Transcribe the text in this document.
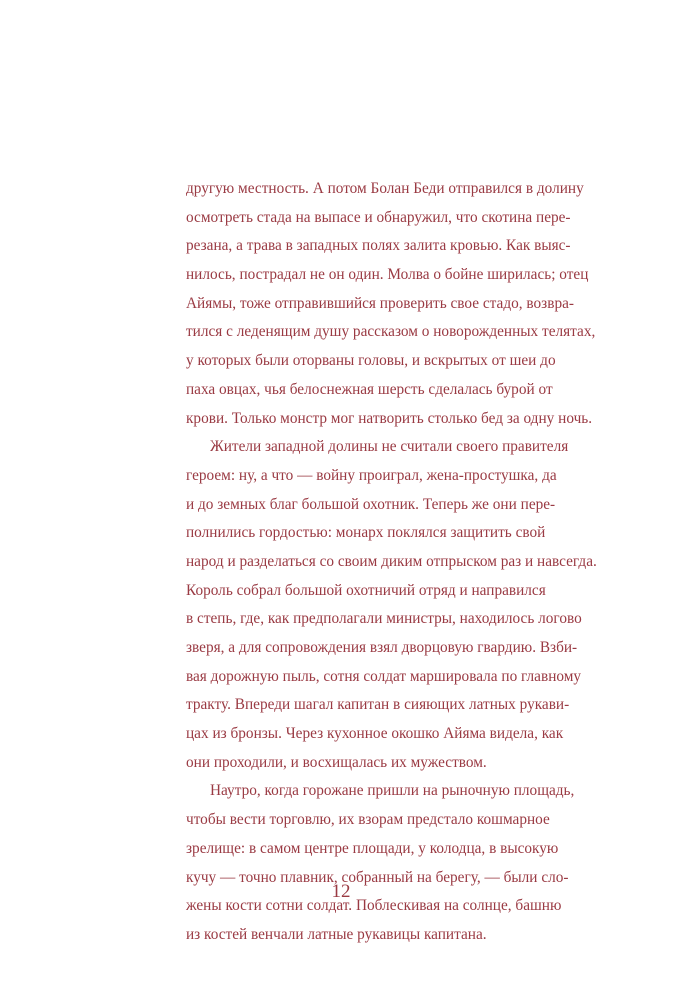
другую местность. А потом Болан Беди отправился в долину
осмотреть стада на выпасе и обнаружил, что скотина пере-
резана, а трава в западных полях залита кровью. Как выяс-
нилось, пострадал не он один. Молва о бойне ширилась; отец
Айямы, тоже отправившийся проверить свое стадо, возвра-
тился с леденящим душу рассказом о новорожденных телятах,
у которых были оторваны головы, и вскрытых от шеи до
паха овцах, чья белоснежная шерсть сделалась бурой от
крови. Только монстр мог натворить столько бед за одну ночь.
Жители западной долины не считали своего правителя
героем: ну, а что — войну проиграл, жена-простушка, да
и до земных благ большой охотник. Теперь же они пере-
полнились гордостью: монарх поклялся защитить свой
народ и разделаться со своим диким отпрыском раз и навсегда.
Король собрал большой охотничий отряд и направился
в степь, где, как предполагали министры, находилось логово
зверя, а для сопровождения взял дворцовую гвардию. Взби-
вая дорожную пыль, сотня солдат маршировала по главному
тракту. Впереди шагал капитан в сияющих латных рукави-
цах из бронзы. Через кухонное окошко Айяма видела, как
они проходили, и восхищалась их мужеством.
Наутро, когда горожане пришли на рыночную площадь,
чтобы вести торговлю, их взорам предстало кошмарное
зрелище: в самом центре площади, у колодца, в высокую
кучу — точно плавник, собранный на берегу, — были сло-
жены кости сотни солдат. Поблескивая на солнце, башню
из костей венчали латные рукавицы капитана.
12
